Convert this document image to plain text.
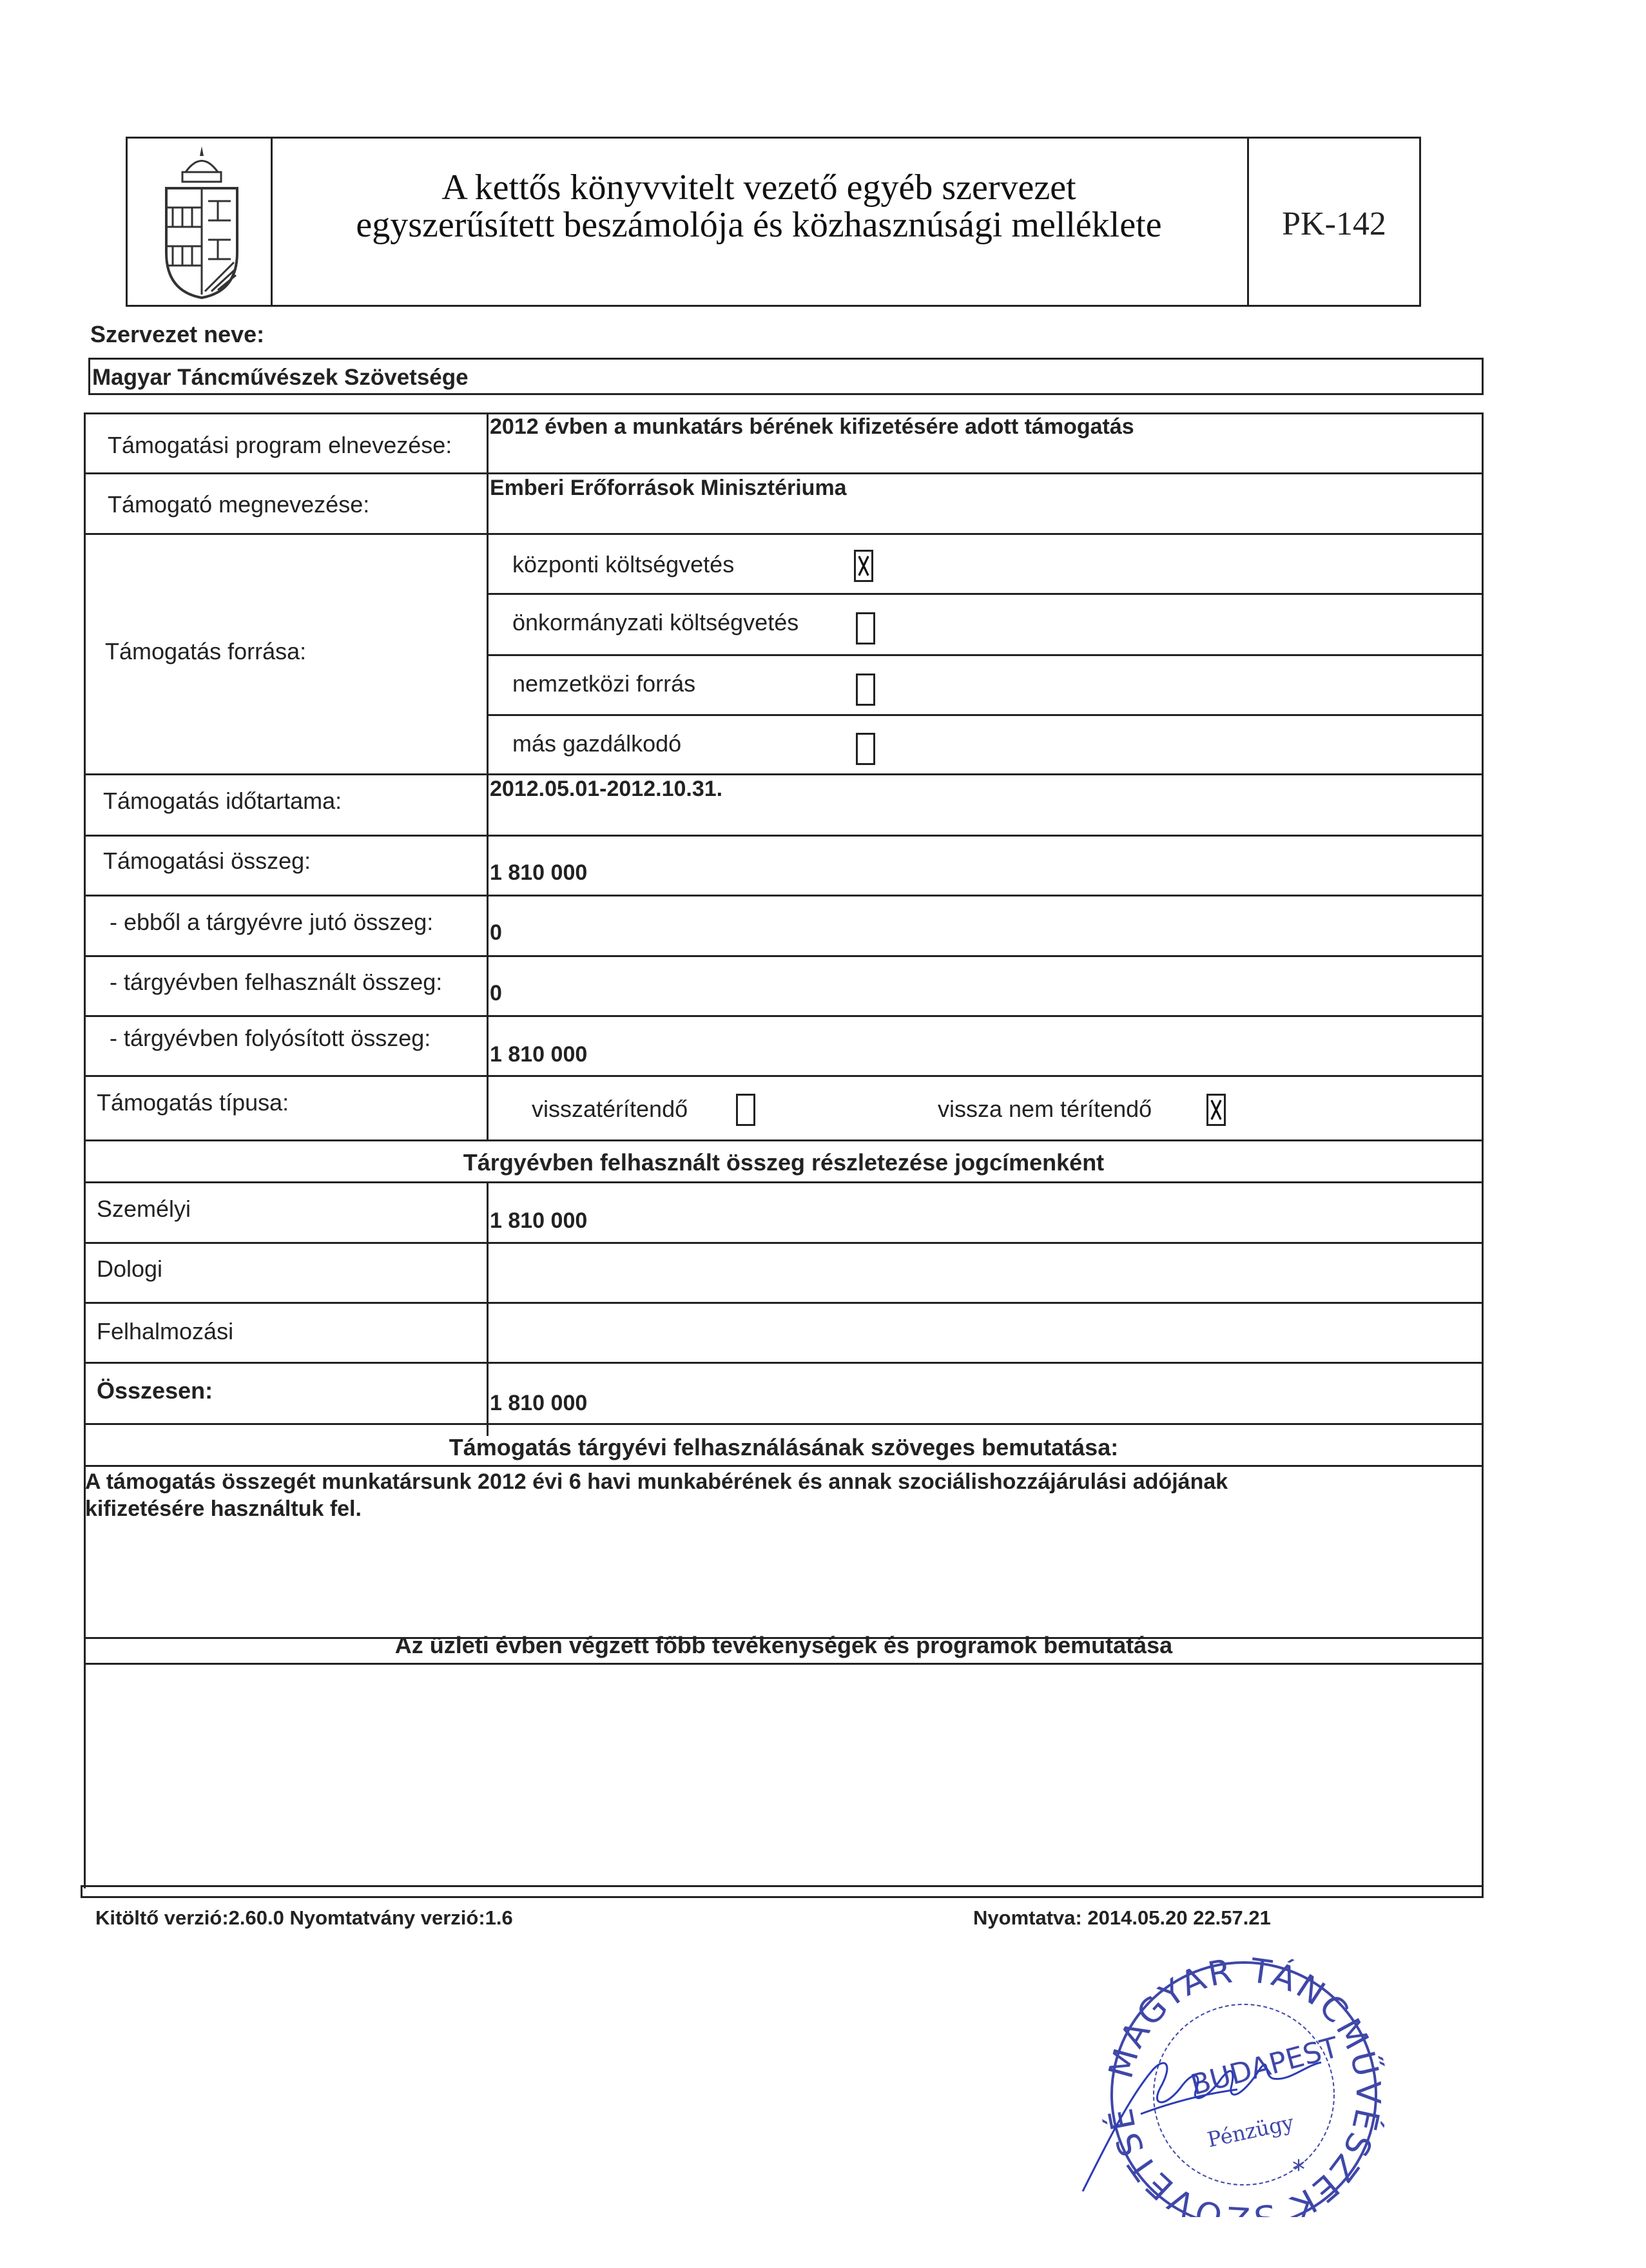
A kettős könyvvitelt vezető egyéb szervezet
egyszerűsített beszámolója és közhasznúsági melléklete	PK-142
Szervezet neve:
Magyar Táncművészek Szövetsége
Támogatási program elnevezése:
2012 évben a munkatárs bérének kifizetésére adott támogatás
Támogató megnevezése:
Emberi Erőforrások Minisztériuma
Támogatás forrása:
központi költségvetés
önkormányzati költségvetés
nemzetközi forrás
más gazdálkodó
Támogatás időtartama:	2012.05.01-2012.10.31.
Támogatási összeg:	1 810 000
- ebből a tárgyévre jutó összeg:	0
- tárgyévben felhasznált összeg: 0
- tárgyévben folyósított összeg:
1 810 000
Támogatás típusa:	visszatérítendő	vissza nem térítendő
Tárgyévben felhasznált összeg részletezése jogcímenként
Személyi	1 810 000
Dologi
Felhalmozási
Összesen:	1 810 000
Támogatás tárgyévi felhasználásának szöveges bemutatása:
A támogatás összegét munkatársunk 2012 évi 6 havi munkabérének és annak szociálishozzájárulási adójának
kifizetésére használtuk fel.
Az üzleti évben végzett főbb tevékenységek és programok bemutatása
Kitöltő verzió:2.60.0 Nyomtatvány verzió:1.6	Nyomtatva: 2014.05.20 22.57.21
MAGYAR TÁNCMŰVÉSZEK S ÖVETSÉ
BUDAPEST
Pénzügy
*
